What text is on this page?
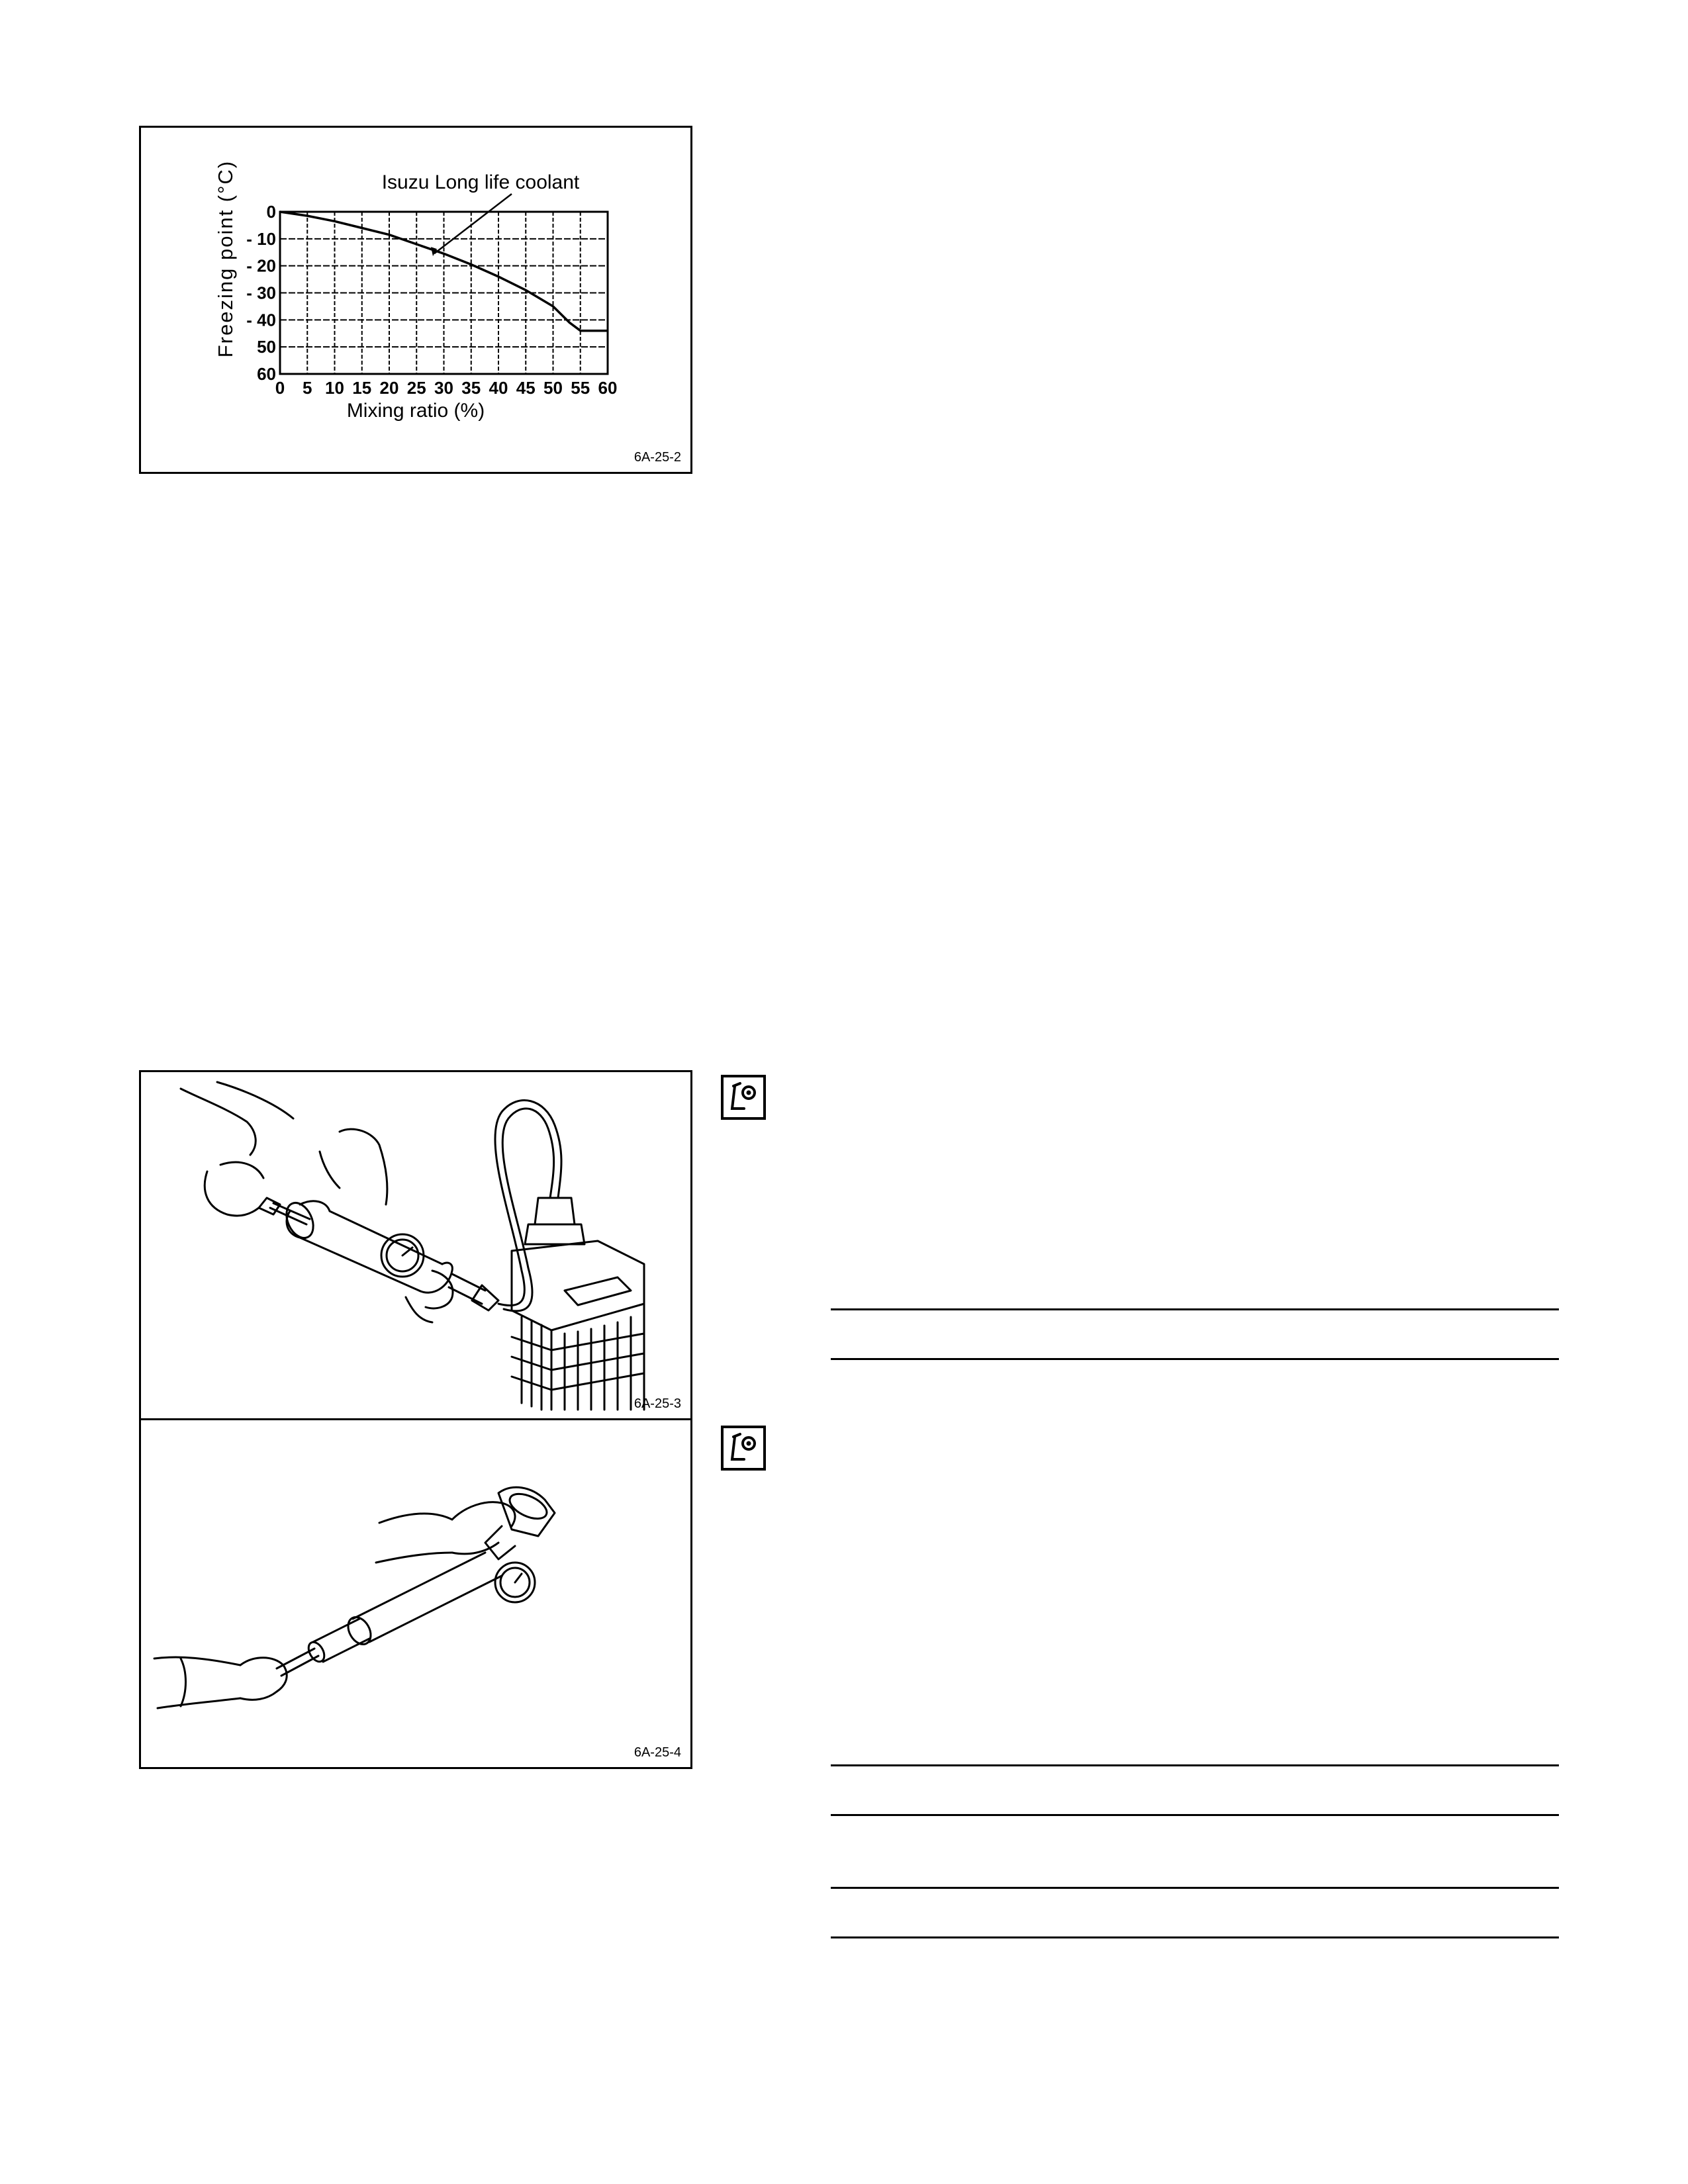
0 5 10 15 20 25 30 35 40 45 50 55 60
0
- 10
- 20
- 30
- 40
50
60
Freezing point (°C)
Mixing ratio (%)
Isuzu Long life coolant
6A-25-2
6A-25-3
6A-25-4
